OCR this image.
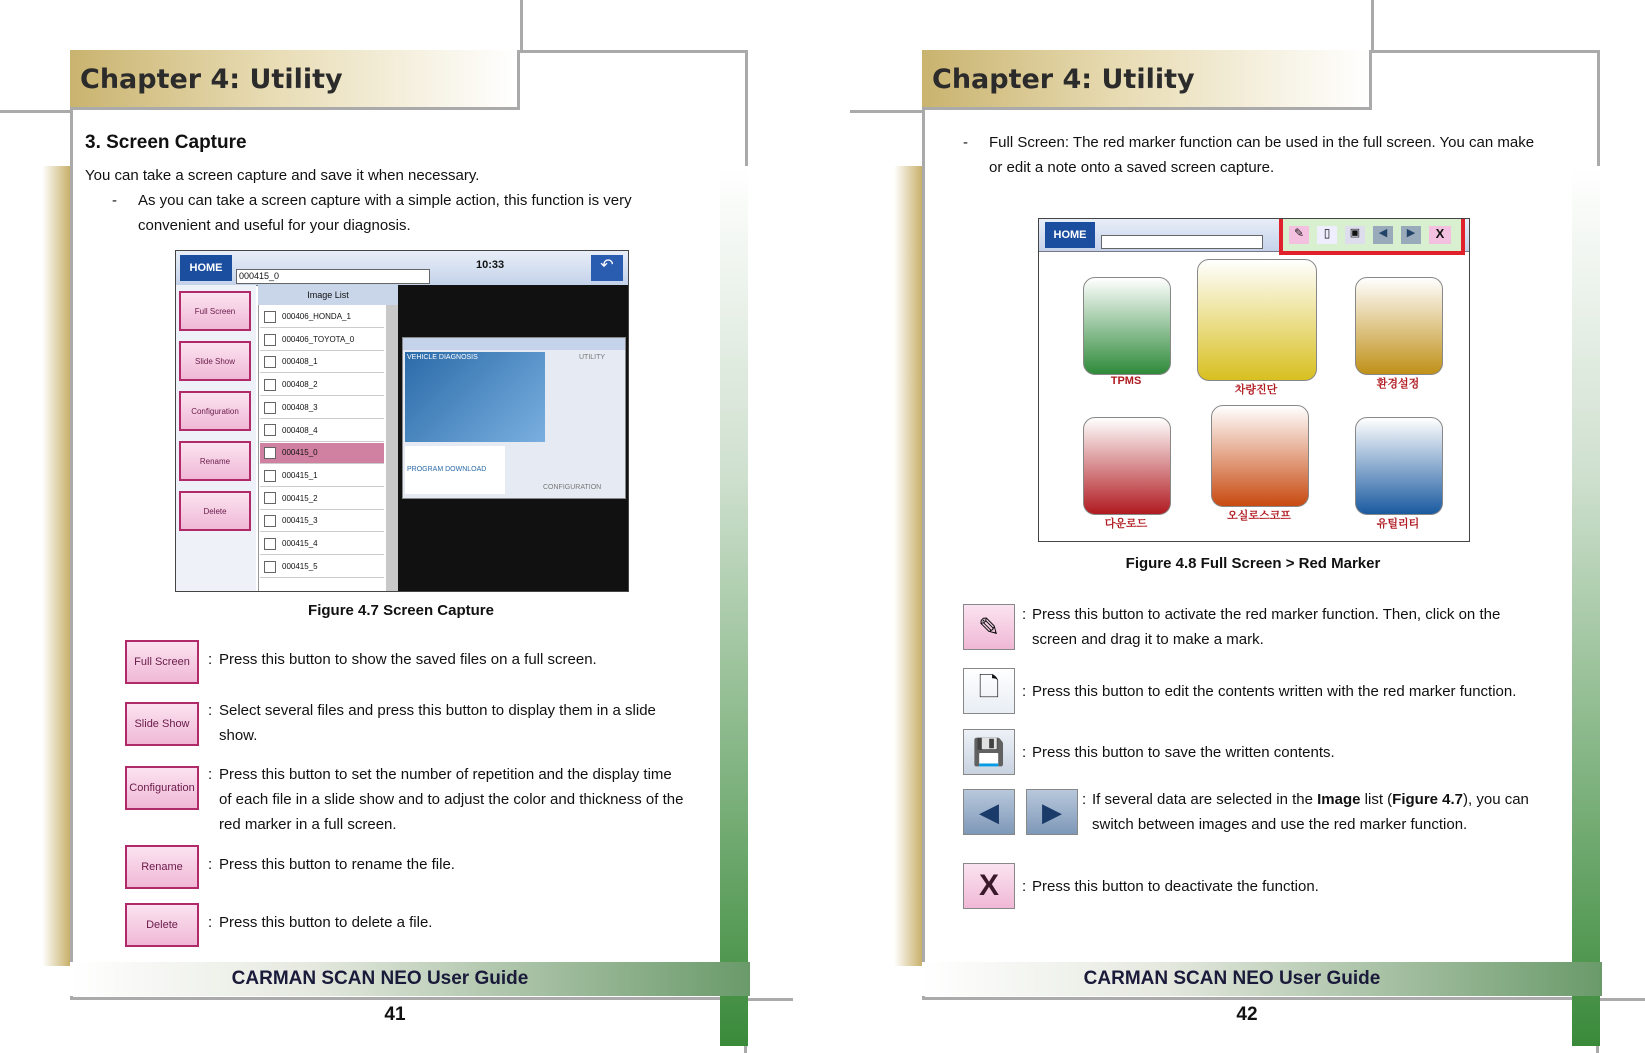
Chapter 4: Utility
CARMAN SCAN NEO User Guide
41
3. Screen Capture
You can take a screen capture and save it when necessary.
- As you can take a screen capture with a simple action, this function is very
convenient and useful for your diagnosis.
HOME
000415_0
10:33	↶
Full Screen
Slide Show
Configuration
Rename
Delete
Image List
000406_HONDA_1
000406_TOYOTA_0
000408_1
000408_2
000408_3
000408_4
000415_0
000415_1
000415_2
000415_3
000415_4
000415_5
VEHICLE DIAGNOSIS	UTILITY
PROGRAM DOWNLOAD
CONFIGURATION
Figure 4.7 Screen Capture
Full Screen	: Press this button to show the saved files on a full screen.
Slide Show
: Select several files and press this button to display them in a slide
show.
Configuration
: Press this button to set the number of repetition and the display time
of each file in a slide show and to adjust the color and thickness of the
red marker in a full screen.
Rename	: Press this button to rename the file.
Delete	: Press this button to delete a file.
Chapter 4: Utility
CARMAN SCAN NEO User Guide
42
- Full Screen: The red marker function can be used in the full screen. You can make
or edit a note onto a saved screen capture.
HOME	✎	▯	▣	◀	▶	X
TPMS
차량진단	환경설정
다운로드
오실로스코프
유틸리티
Figure 4.8 Full Screen > Red Marker
✎	: Press this button to activate the red marker function. Then, click on the
screen and drag it to make a mark.
🗋	: Press this button to edit the contents written with the red marker function.
💾	: Press this button to save the written contents.
X	: Press this button to deactivate the function.
◀	▶	: If several data are selected in the Image list (Figure 4.7), you can
switch between images and use the red marker function.
